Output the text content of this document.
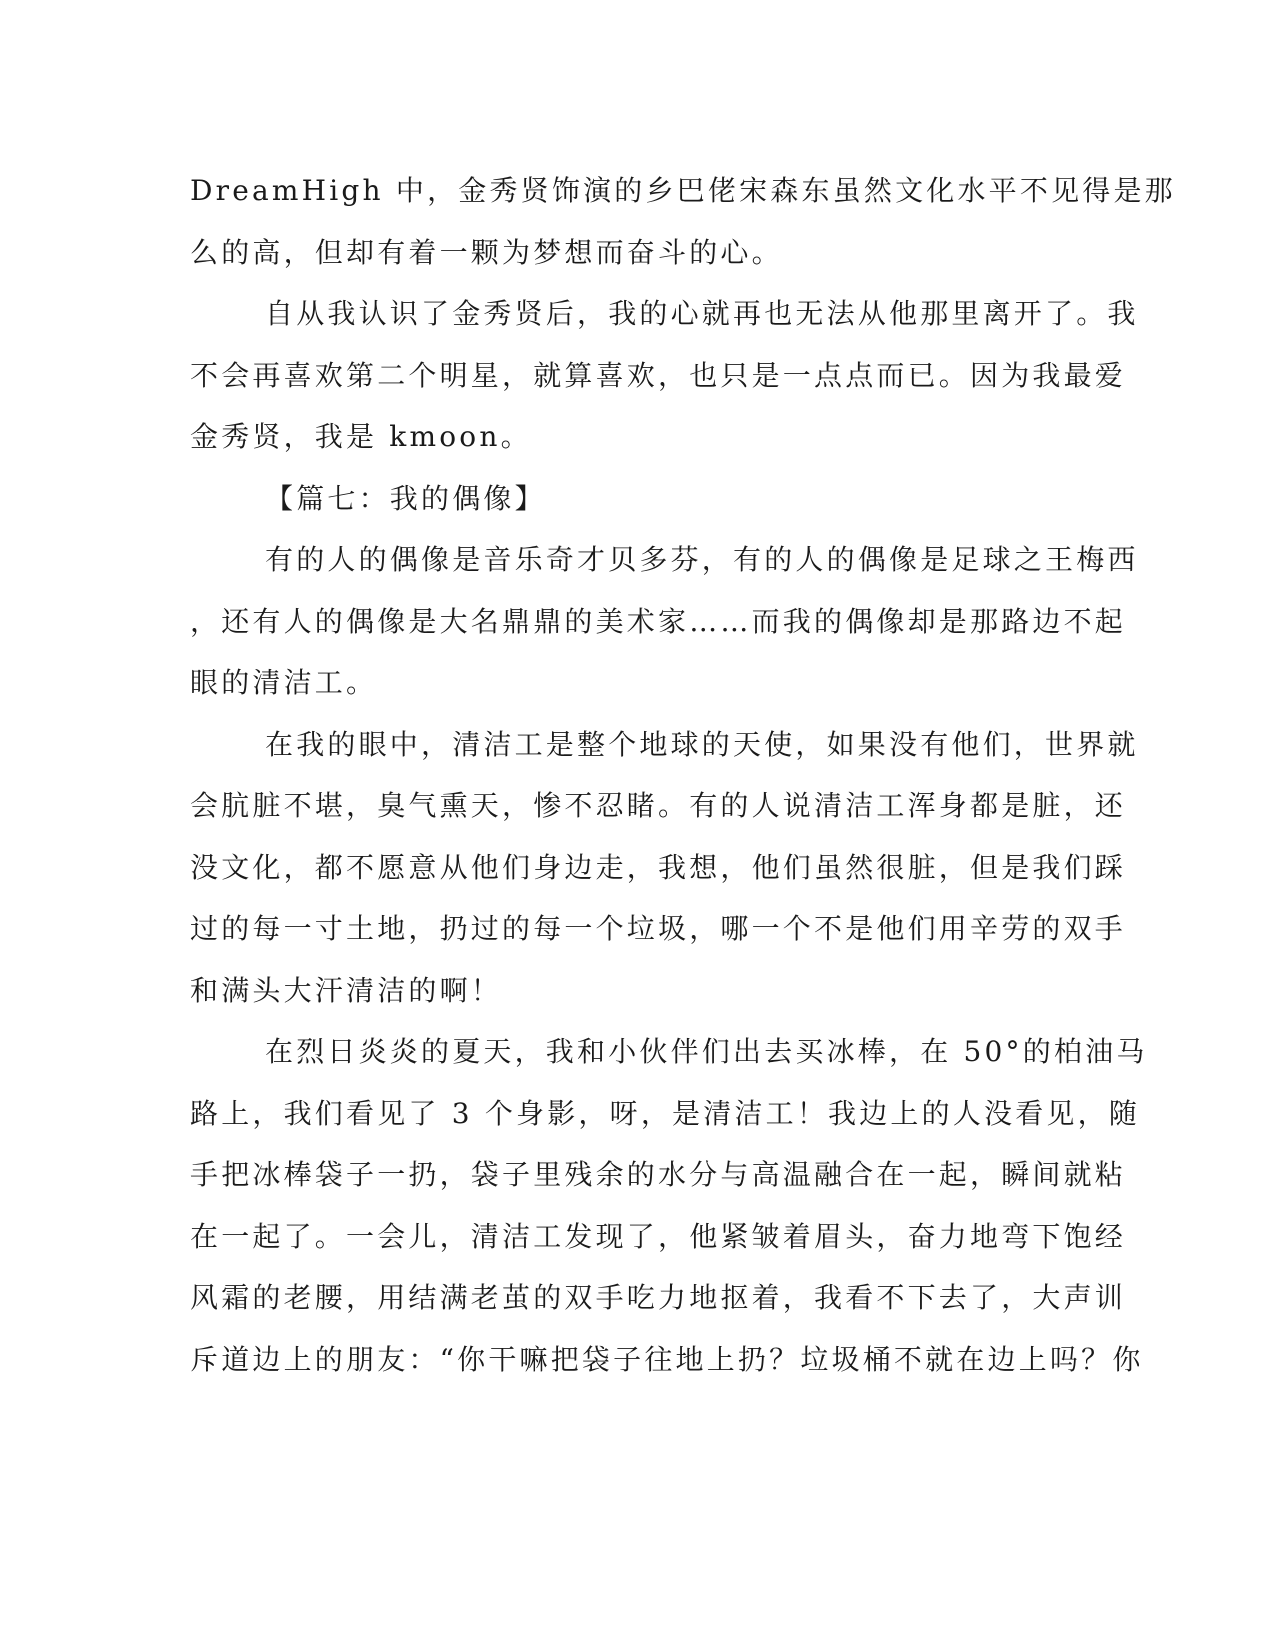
DreamHigh 中，金秀贤饰演的乡巴佬宋森东虽然文化水平不见得是那
么的高，但却有着一颗为梦想而奋斗的心。
自从我认识了金秀贤后，我的心就再也无法从他那里离开了。我
不会再喜欢第二个明星，就算喜欢，也只是一点点而已。因为我最爱
金秀贤，我是 kmoon。
【篇七：我的偶像】
有的人的偶像是音乐奇才贝多芬，有的人的偶像是足球之王梅西
，还有人的偶像是大名鼎鼎的美术家……而我的偶像却是那路边不起
眼的清洁工。
在我的眼中，清洁工是整个地球的天使，如果没有他们，世界就
会肮脏不堪，臭气熏天，惨不忍睹。有的人说清洁工浑身都是脏，还
没文化，都不愿意从他们身边走，我想，他们虽然很脏，但是我们踩
过的每一寸土地，扔过的每一个垃圾，哪一个不是他们用辛劳的双手
和满头大汗清洁的啊！
在烈日炎炎的夏天，我和小伙伴们出去买冰棒，在 50°的柏油马
路上，我们看见了 3 个身影，呀，是清洁工！我边上的人没看见，随
手把冰棒袋子一扔，袋子里残余的水分与高温融合在一起，瞬间就粘
在一起了。一会儿，清洁工发现了，他紧皱着眉头，奋力地弯下饱经
风霜的老腰，用结满老茧的双手吃力地抠着，我看不下去了，大声训
斥道边上的朋友：“你干嘛把袋子往地上扔？垃圾桶不就在边上吗？你
